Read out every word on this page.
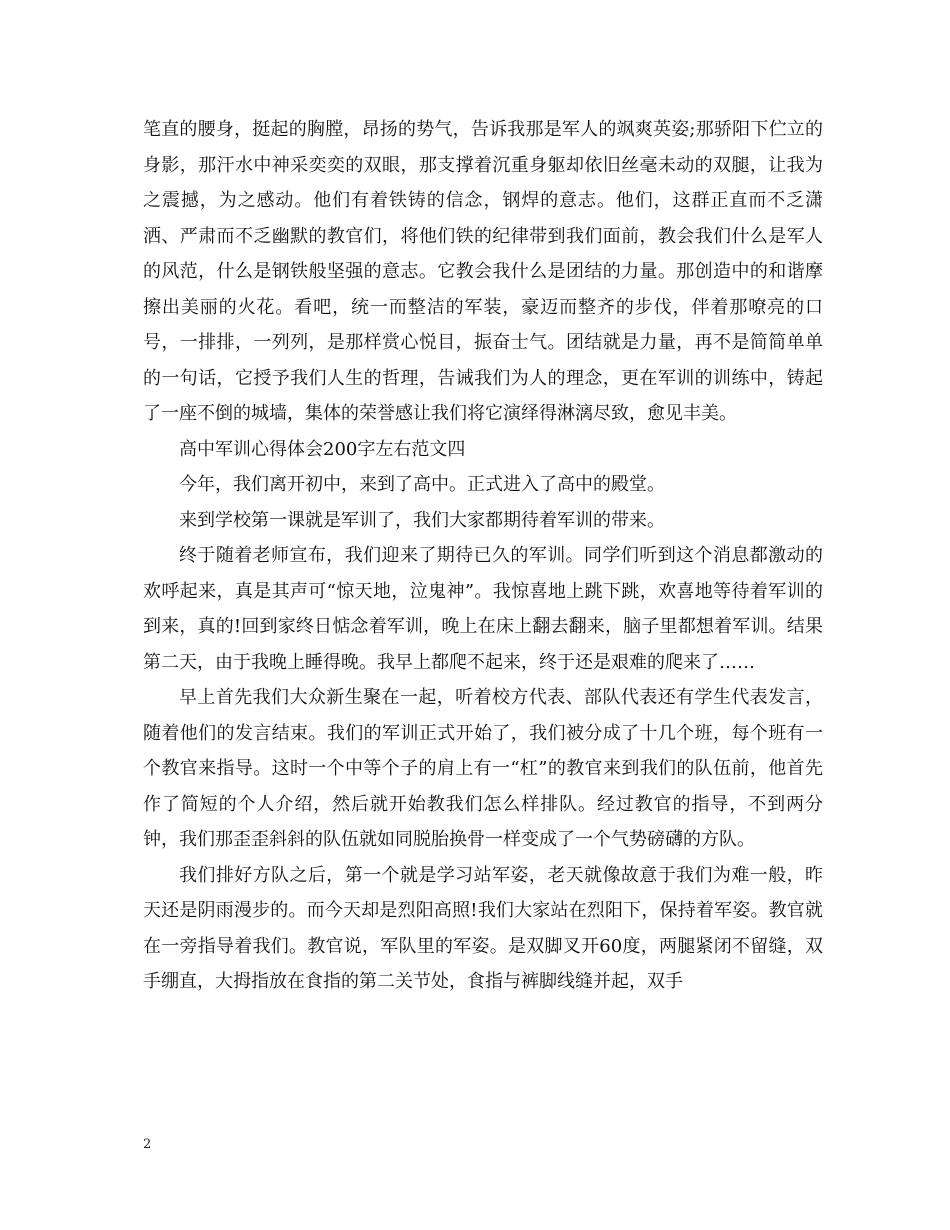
笔直的腰身，挺起的胸膛，昂扬的势气，告诉我那是军人的飒爽英姿;那骄阳下伫立的身影，那汗水中神采奕奕的双眼，那支撑着沉重身躯却依旧丝毫未动的双腿，让我为之震撼，为之感动。他们有着铁铸的信念，钢焊的意志。他们，这群正直而不乏潇洒、严肃而不乏幽默的教官们，将他们铁的纪律带到我们面前，教会我们什么是军人的风范，什么是钢铁般坚强的意志。它教会我什么是团结的力量。那创造中的和谐摩擦出美丽的火花。看吧，统一而整洁的军装，豪迈而整齐的步伐，伴着那嘹亮的口号，一排排，一列列，是那样赏心悦目，振奋士气。团结就是力量，再不是简简单单的一句话，它授予我们人生的哲理，告诫我们为人的理念，更在军训的训练中，铸起了一座不倒的城墙，集体的荣誉感让我们将它演绎得淋漓尽致，愈见丰美。

高中军训心得体会200字左右范文四

今年，我们离开初中，来到了高中。正式进入了高中的殿堂。

来到学校第一课就是军训了，我们大家都期待着军训的带来。

终于随着老师宣布，我们迎来了期待已久的军训。同学们听到这个消息都激动的欢呼起来，真是其声可“惊天地，泣鬼神”。我惊喜地上跳下跳，欢喜地等待着军训的到来，真的!回到家终日惦念着军训，晚上在床上翻去翻来，脑子里都想着军训。结果第二天，由于我晚上睡得晚。我早上都爬不起来，终于还是艰难的爬来了……

早上首先我们大众新生聚在一起，听着校方代表、部队代表还有学生代表发言，随着他们的发言结束。我们的军训正式开始了，我们被分成了十几个班，每个班有一个教官来指导。这时一个中等个子的肩上有一“杠”的教官来到我们的队伍前，他首先作了简短的个人介绍，然后就开始教我们怎么样排队。经过教官的指导，不到两分钟，我们那歪歪斜斜的队伍就如同脱胎换骨一样变成了一个气势磅礴的方队。

我们排好方队之后，第一个就是学习站军姿，老天就像故意于我们为难一般，昨天还是阴雨漫步的。而今天却是烈阳高照!我们大家站在烈阳下，保持着军姿。教官就在一旁指导着我们。教官说，军队里的军姿。是双脚叉开60度，两腿紧闭不留缝，双手绷直，大拇指放在食指的第二关节处，食指与裤脚线缝并起，双手

2
